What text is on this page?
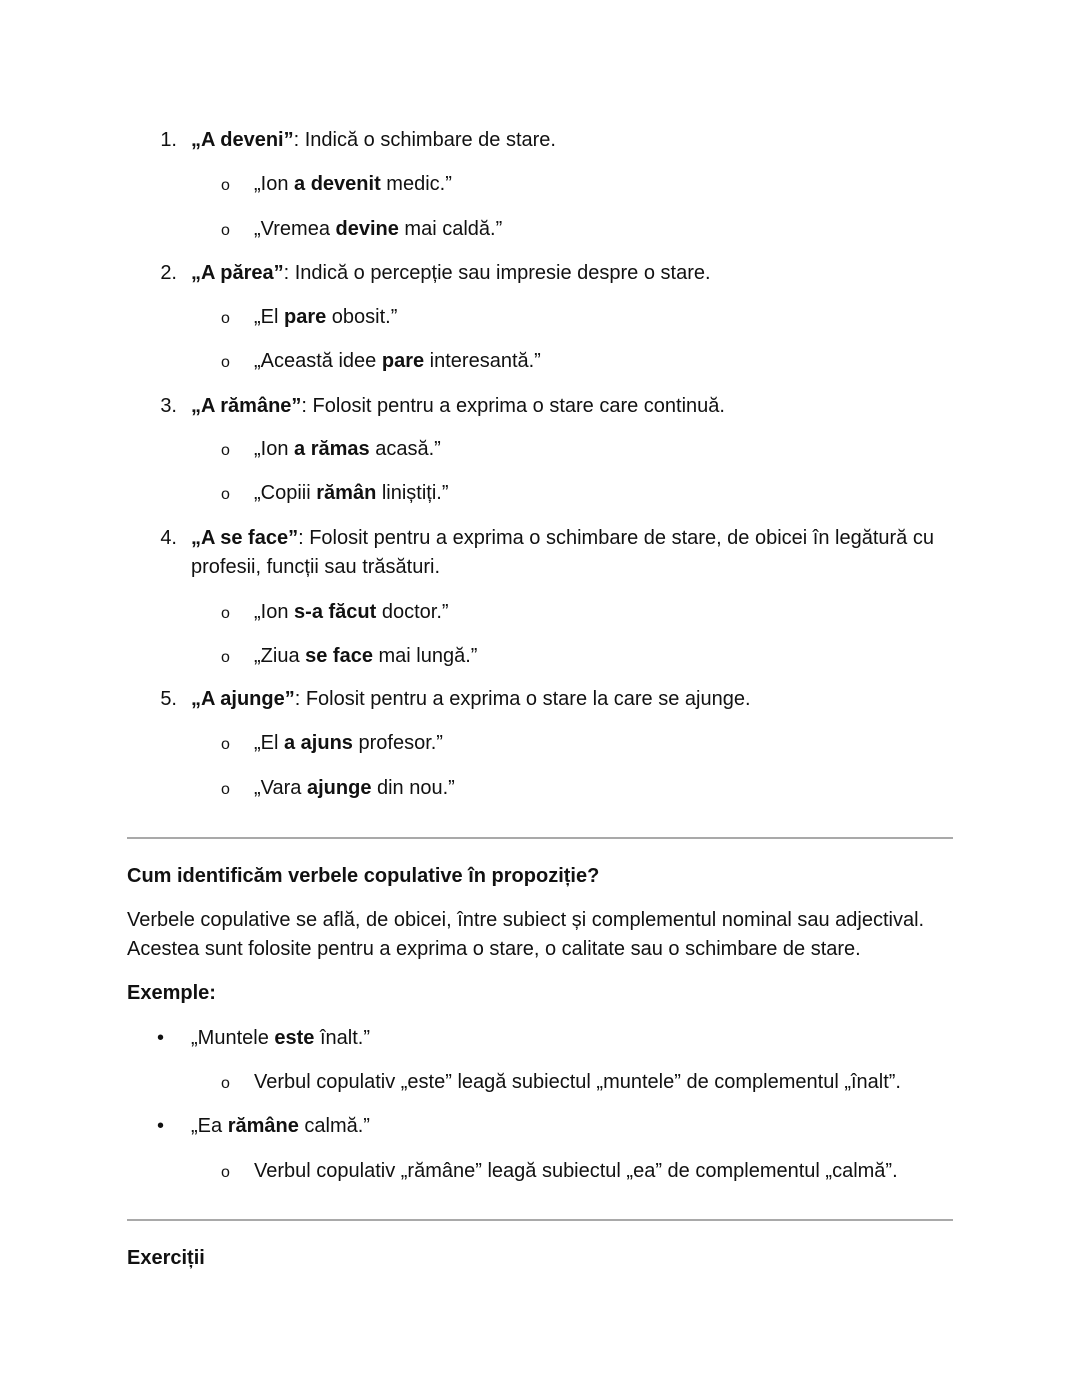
1. „A deveni”: Indică o schimbare de stare.
o „Ion a devenit medic.”
o „Vremea devine mai caldă.”
2. „A părea”: Indică o percepție sau impresie despre o stare.
o „El pare obosit.”
o „Această idee pare interesantă.”
3. „A rămâne”: Folosit pentru a exprima o stare care continuă.
o „Ion a rămas acasă.”
o „Copiii rămân liniștiți.”
4. „A se face”: Folosit pentru a exprima o schimbare de stare, de obicei în legătură cu
profesii, funcții sau trăsături.
o „Ion s-a făcut doctor.”
o „Ziua se face mai lungă.”
5. „A ajunge”: Folosit pentru a exprima o stare la care se ajunge.
o „El a ajuns profesor.”
o „Vara ajunge din nou.”
Cum identificăm verbele copulative în propoziție?
Verbele copulative se află, de obicei, între subiect și complementul nominal sau adjectival.
Acestea sunt folosite pentru a exprima o stare, o calitate sau o schimbare de stare.
Exemple:
• „Muntele este înalt.”
o Verbul copulativ „este” leagă subiectul „muntele” de complementul „înalt”.
• „Ea rămâne calmă.”
o Verbul copulativ „rămâne” leagă subiectul „ea” de complementul „calmă”.
Exerciții
